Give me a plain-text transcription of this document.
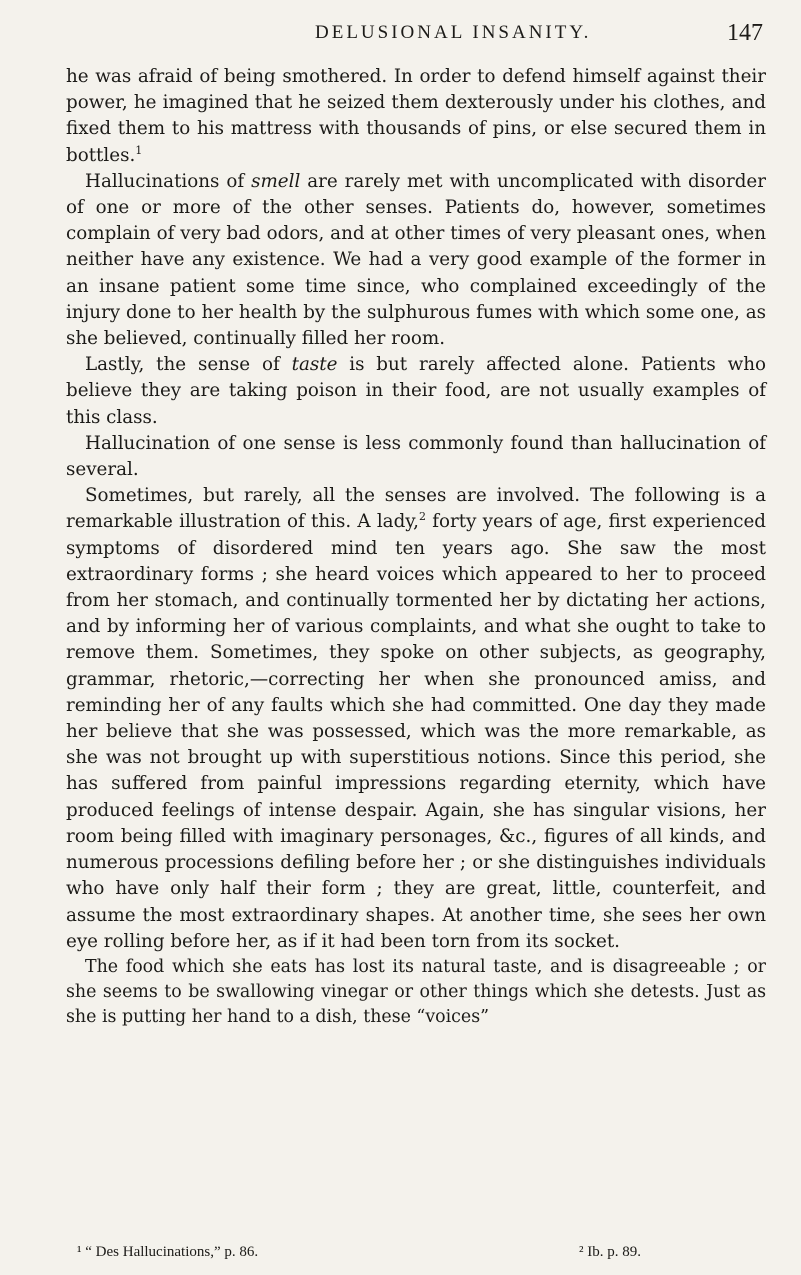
DELUSIONAL INSANITY.	147

he was afraid of being smothered. In order to defend himself against their power, he imagined that he seized them dexterously under his clothes, and fixed them to his mattress with thousands of pins, or else secured them in bottles.$^1$

Hallucinations of smell are rarely met with uncomplicated with disorder of one or more of the other senses. Patients do, however, sometimes complain of very bad odors, and at other times of very pleasant ones, when neither have any existence. We had a very good example of the former in an insane patient some time since, who complained exceedingly of the injury done to her health by the sulphurous fumes with which some one, as she believed, continually filled her room.

Lastly, the sense of taste is but rarely affected alone. Patients who believe they are taking poison in their food, are not usually examples of this class.

Hallucination of one sense is less commonly found than hallucination of several.

Sometimes, but rarely, all the senses are involved. The following is a remarkable illustration of this. A lady,$^2$ forty years of age, first experienced symptoms of disordered mind ten years ago. She saw the most extraordinary forms ; she heard voices which appeared to her to proceed from her stomach, and continually tormented her by dictating her actions, and by informing her of various complaints, and what she ought to take to remove them. Sometimes, they spoke on other subjects, as geography, grammar, rhetoric,—correcting her when she pronounced amiss, and reminding her of any faults which she had committed. One day they made her believe that she was possessed, which was the more remarkable, as she was not brought up with superstitious notions. Since this period, she has suffered from painful impressions regarding eternity, which have produced feelings of intense despair. Again, she has singular visions, her room being filled with imaginary personages, &c., figures of all kinds, and numerous processions defiling before her ; or she distinguishes individuals who have only half their form ; they are great, little, counterfeit, and assume the most extraordinary shapes. At another time, she sees her own eye rolling before her, as if it had been torn from its socket.

The food which she eats has lost its natural taste, and is disagreeable ; or she seems to be swallowing vinegar or other things which she detests. Just as she is putting her hand to a dish, these “voices”

¹ “ Des Hallucinations,” p. 86.	² Ib. p. 89.
